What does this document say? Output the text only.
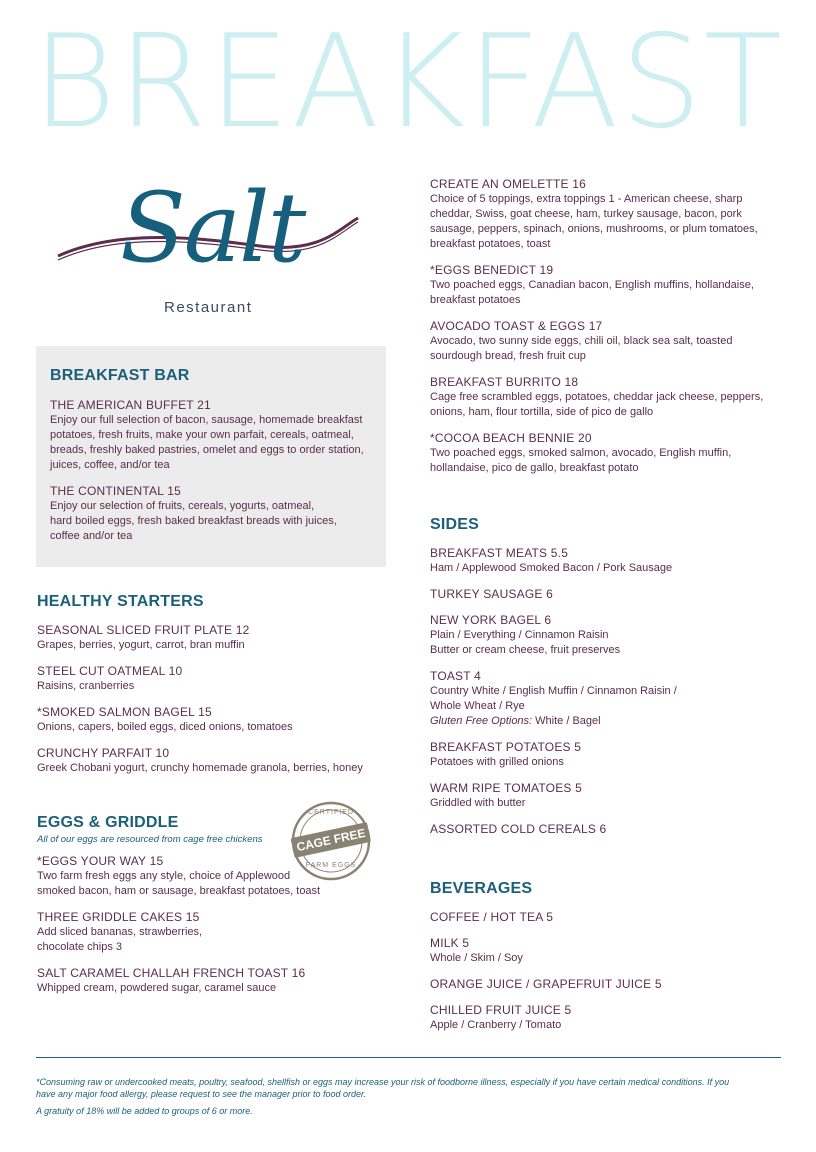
BREAKFAST
Salt
Restaurant
BREAKFAST BAR
THE AMERICAN BUFFET 21
Enjoy our full selection of bacon, sausage, homemade breakfast
potatoes, fresh fruits, make your own parfait, cereals, oatmeal,
breads, freshly baked pastries, omelet and eggs to order station,
juices, coffee, and/or tea
THE CONTINENTAL 15
Enjoy our selection of fruits, cereals, yogurts, oatmeal,
hard boiled eggs, fresh baked breakfast breads with juices,
coffee and/or tea
HEALTHY STARTERS
SEASONAL SLICED FRUIT PLATE 12
Grapes, berries, yogurt, carrot, bran muffin
STEEL CUT OATMEAL 10
Raisins, cranberries
*SMOKED SALMON BAGEL 15
Onions, capers, boiled eggs, diced onions, tomatoes
CRUNCHY PARFAIT 10
Greek Chobani yogurt, crunchy homemade granola, berries, honey
EGGS & GRIDDLE
All of our eggs are resourced from cage free chickens
*EGGS YOUR WAY 15
Two farm fresh eggs any style, choice of Applewood
smoked bacon, ham or sausage, breakfast potatoes, toast
THREE GRIDDLE CAKES 15
Add sliced bananas, strawberries,
chocolate chips 3
SALT CARAMEL CHALLAH FRENCH TOAST 16
Whipped cream, powdered sugar, caramel sauce
CERTIFIED
CAGE FREE
FARM EGGS
CREATE AN OMELETTE 16
Choice of 5 toppings, extra toppings 1 - American cheese, sharp
cheddar, Swiss, goat cheese, ham, turkey sausage, bacon, pork
sausage, peppers, spinach, onions, mushrooms, or plum tomatoes,
breakfast potatoes, toast
*EGGS BENEDICT 19
Two poached eggs, Canadian bacon, English muffins, hollandaise,
breakfast potatoes
AVOCADO TOAST & EGGS 17
Avocado, two sunny side eggs, chili oil, black sea salt, toasted
sourdough bread, fresh fruit cup
BREAKFAST BURRITO 18
Cage free scrambled eggs, potatoes, cheddar jack cheese, peppers,
onions, ham, flour tortilla, side of pico de gallo
*COCOA BEACH BENNIE 20
Two poached eggs, smoked salmon, avocado, English muffin,
hollandaise, pico de gallo, breakfast potato
SIDES
BREAKFAST MEATS 5.5
Ham / Applewood Smoked Bacon / Pork Sausage
TURKEY SAUSAGE 6
NEW YORK BAGEL 6
Plain / Everything / Cinnamon Raisin
Butter or cream cheese, fruit preserves
TOAST 4
Country White / English Muffin / Cinnamon Raisin /
Whole Wheat / Rye
Gluten Free Options: White / Bagel
BREAKFAST POTATOES 5
Potatoes with grilled onions
WARM RIPE TOMATOES 5
Griddled with butter
ASSORTED COLD CEREALS 6
BEVERAGES
COFFEE / HOT TEA 5
MILK 5
Whole / Skim / Soy
ORANGE JUICE / GRAPEFRUIT JUICE 5
CHILLED FRUIT JUICE 5
Apple / Cranberry / Tomato
*Consuming raw or undercooked meats, poultry, seafood, shellfish or eggs may increase your risk of foodborne illness, especially if you have certain medical conditions. If you
have any major food allergy, please request to see the manager prior to food order.
A gratuity of 18% will be added to groups of 6 or more.
